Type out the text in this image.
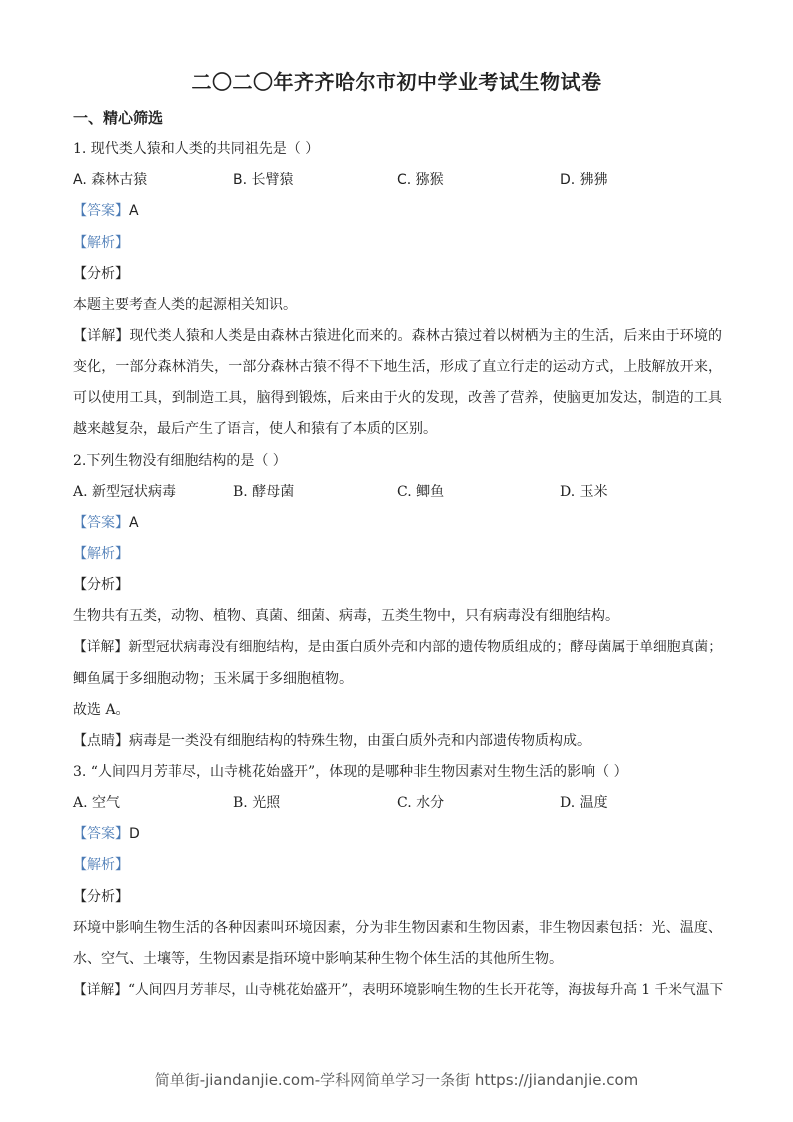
二〇二〇年齐齐哈尔市初中学业考试生物试卷
一、精心筛选
1. 现代类人猿和人类的共同祖先是（ ）
A. 森林古猿	B. 长臂猿	C. 猕猴	D. 狒狒
【答案】A
【解析】
【分析】
本题主要考查人类的起源相关知识。
【详解】现代类人猿和人类是由森林古猿进化而来的。森林古猿过着以树栖为主的生活，后来由于环境的
变化，一部分森林消失，一部分森林古猿不得不下地生活，形成了直立行走的运动方式，上肢解放开来，
可以使用工具，到制造工具，脑得到锻炼，后来由于火的发现，改善了营养，使脑更加发达，制造的工具
越来越复杂，最后产生了语言，使人和猿有了本质的区别。
2.下列生物没有细胞结构的是（ ）
A. 新型冠状病毒	B. 酵母菌	C. 鲫鱼	D. 玉米
【答案】A
【解析】
【分析】
生物共有五类，动物、植物、真菌、细菌、病毒，五类生物中，只有病毒没有细胞结构。
【详解】新型冠状病毒没有细胞结构，是由蛋白质外壳和内部的遗传物质组成的；酵母菌属于单细胞真菌；
鲫鱼属于多细胞动物；玉米属于多细胞植物。
故选 A。
【点睛】病毒是一类没有细胞结构的特殊生物，由蛋白质外壳和内部遗传物质构成。
3. “人间四月芳菲尽，山寺桃花始盛开”，体现的是哪种非生物因素对生物生活的影响（ ）
A. 空气	B. 光照	C. 水分	D. 温度
【答案】D
【解析】
【分析】
环境中影响生物生活的各种因素叫环境因素，分为非生物因素和生物因素，非生物因素包括：光、温度、
水、空气、土壤等，生物因素是指环境中影响某种生物个体生活的其他所生物。
【详解】“人间四月芳菲尽，山寺桃花始盛开”，表明环境影响生物的生长开花等，海拔每升高 1 千米气温下
简单街-jiandanjie.com-学科网简单学习一条街 https://jiandanjie.com
